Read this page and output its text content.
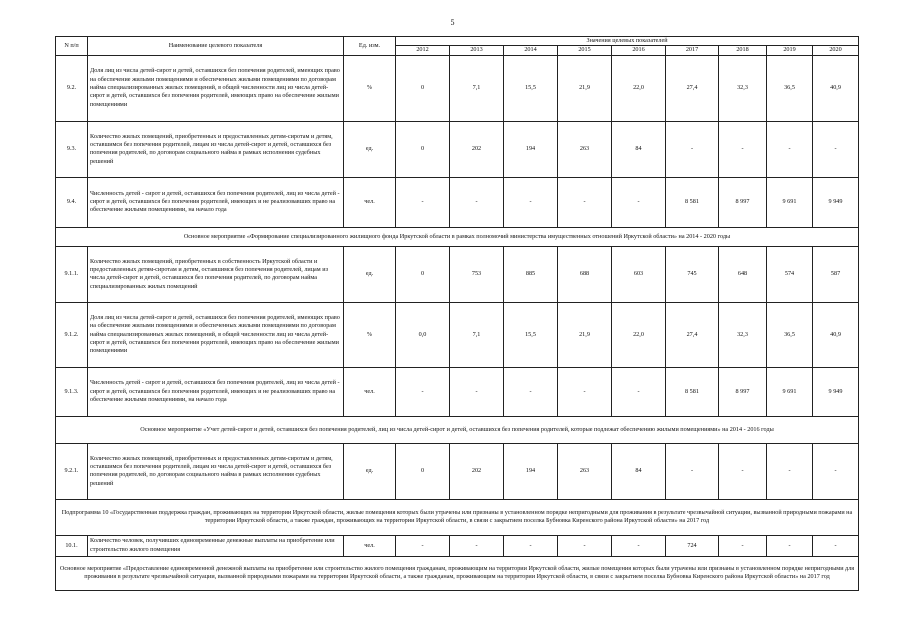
5
N п/п	Наименование целевого показателя	Ед. изм.	Значения целевых показателей								
			2012	2013	2014	2015	2016	2017	2018	2019	2020
9.2.	Доля лиц из числа детей-сирот и детей, оставшихся без попечения родителей, имеющих право на обеспечение жилыми помещениями и обеспеченных жилыми помещениями по договорам найма специализированных жилых помещений, в общей численности лиц из числа детей-сирот и детей, оставшихся без попечения родителей, имеющих право на обеспечение жилыми помещениями	%	0	7,1	15,5	21,9	22,0	27,4	32,3	36,5	40,9
9.3.	Количество жилых помещений, приобретенных и предоставленных детям-сиротам и детям, оставшимся без попечения родителей, лицам из числа детей-сирот и детей, оставшихся без попечения родителей, по договорам социального найма в рамках исполнения судебных решений	ед.	0	202	194	263	84	-	-	-	-
9.4.	Численность детей - сирот и детей, оставшихся без попечения родителей, лиц из числа детей - сирот и детей, оставшихся без попечения родителей, имеющих и не реализовавших право на обеспечение жилыми помещениями, на начало года	чел.	-	-	-	-	-	8 581	8 997	9 691	9 949
Основное мероприятие «Формирование специализированного жилищного фонда Иркутской области в рамках полномочий министерства имущественных отношений Иркутской области» на 2014 - 2020 годы											
9.1.1.	Количество жилых помещений, приобретенных в собственность Иркутской области и предоставленных детям-сиротам и детям, оставшимся без попечения родителей, лицам из числа детей-сирот и детей, оставшихся без попечения родителей, по договорам найма специализированных жилых помещений	ед.	0	753	885	688	603	745	648	574	587
9.1.2.	Доля лиц из числа детей-сирот и детей, оставшихся без попечения родителей, имеющих право на обеспечение жилыми помещениями и обеспеченных жилыми помещениями по договорам найма специализированных жилых помещений, в общей численности лиц из числа детей-сирот и детей, оставшихся без попечения родителей, имеющих право на обеспечение жилыми помещениями	%	0,0	7,1	15,5	21,9	22,0	27,4	32,3	36,5	40,9
9.1.3.	Численность детей - сирот и детей, оставшихся без попечения родителей, лиц из числа детей - сирот и детей, оставшихся без попечения родителей, имеющих и не реализовавших право на обеспечение жилыми помещениями, на начало года	чел.	-	-	-	-	-	8 581	8 997	9 691	9 949
Основное мероприятие «Учет детей-сирот и детей, оставшихся без попечения родителей, лиц из числа детей-сирот и детей, оставшихся без попечения родителей, которые подлежат обеспечению жилыми помещениями» на 2014 - 2016 годы											
9.2.1.	Количество жилых помещений, приобретенных и предоставленных детям-сиротам и детям, оставшимся без попечения родителей, лицам из числа детей-сирот и детей, оставшихся без попечения родителей, по договорам социального найма в рамках исполнения судебных решений	ед.	0	202	194	263	84	-	-	-	-
Подпрограмма 10 «Государственная поддержка граждан, проживающих на территории Иркутской области, жилые помещения которых были утрачены или признаны в установленном порядке непригодными для проживания в результате чрезвычайной ситуации, вызванной природными пожарами на территории Иркутской области, а также граждан, проживающих на территории Иркутской области, в связи с закрытием поселка Бубновка Киренского района Иркутской области» на 2017 год											
10.1.	Количество человек, получивших единовременные денежные выплаты на приобретение или строительство жилого помещения	чел.	-	-	-	-	-	724	-	-	-
Основное мероприятие «Предоставление единовременной денежной выплаты на приобретение или строительство жилого помещения гражданам, проживающим на территории Иркутской области, жилые помещения которых были утрачены или признаны в установленном порядке непригодными для проживания в результате чрезвычайной ситуации, вызванной природными пожарами на территории Иркутской области, а также гражданам, проживающим на территории Иркутской области, в связи с закрытием поселка Бубновка Киренского района Иркутской области» на 2017 год											
